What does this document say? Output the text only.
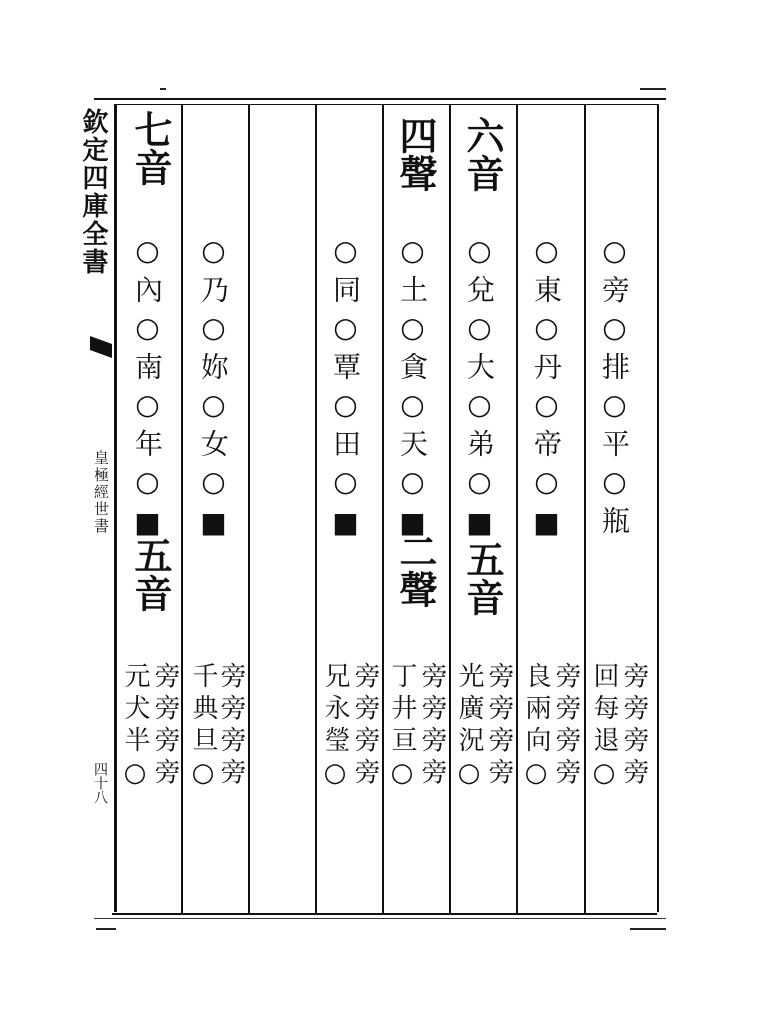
欽定四庫全書
皇極經世書
四十八
七音
○內○南○年○■
五音
元犬半○ 旁旁旁旁
○乃○妳○女○■
千典旦○
旁旁旁旁
○同○覃○田○■
兄永瑩○ 旁旁旁旁
四聲
○土○貪○天○■
二聲
丁井亘○ 旁旁旁旁
六音
○兌○大○弟○■
五音
光廣況○ 旁旁旁旁
○東○丹○帝○■
良兩向○ 旁旁旁旁
○旁○排○平○瓶
回每退○ 旁旁旁旁
